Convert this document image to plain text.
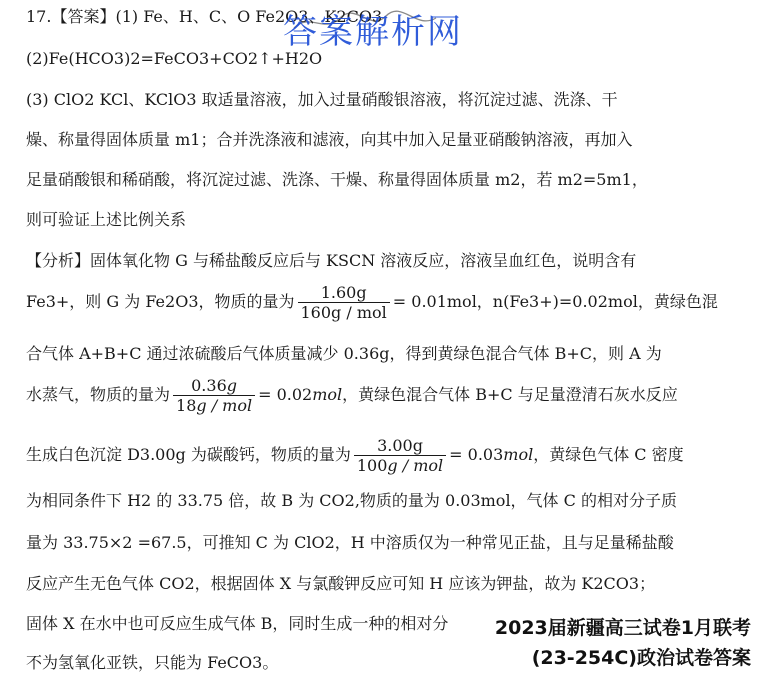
17.【答案】(1) Fe、H、C、O Fe2O3、K2CO3
(2)Fe(HCO3)2=FeCO3+CO2↑+H2O
(3) ClO2 KCl、KClO3 取适量溶液，加入过量硝酸银溶液，将沉淀过滤、洗涤、干
燥、称量得固体质量 m1；合并洗涤液和滤液，向其中加入足量亚硝酸钠溶液，再加入
足量硝酸银和稀硝酸，将沉淀过滤、洗涤、干燥、称量得固体质量 m2，若 m2=5m1，
则可验证上述比例关系
【分析】固体氧化物 G 与稀盐酸反应后与 KSCN 溶液反应，溶液呈血红色，说明含有
Fe3+，则 G 为 Fe2O3，物质的量为 $\frac{1.60g}{\text{160g / mol}} = 0.01mol$，n(Fe3+)=0.02mol，黄绿色混
合气体 A+B+C 通过浓硫酸后气体质量减少 0.36g，得到黄绿色混合气体 B+C，则 A 为
水蒸气，物质的量为 $\frac{0.36g}{\text{18g / mol}} = 0.02mol$，黄绿色混合气体 B+C 与足量澄清石灰水反应
生成白色沉淀 D3.00g 为碳酸钙，物质的量为 $\frac{3.00g}{\text{100g / mol}} = 0.03mol$，黄绿色气体 C 密度
为相同条件下 H2 的 33.75 倍，故 B 为 CO2,物质的量为 0.03mol，气体 C 的相对分子质
量为 33.75×2 =67.5，可推知 C 为 ClO2，H 中溶质仅为一种常见正盐，且与足量稀盐酸
反应产生无色气体 CO2，根据固体 X 与氯酸钾反应可知 H 应该为钾盐，故为 K2CO3；
固体 X 在水中也可反应生成气体 B，同时生成一种的相对分
不为氢氧化亚铁，只能为 FeCO3。
答案解析网
2023届新疆高三试卷1月联考
(23-254C)政治试卷答案
